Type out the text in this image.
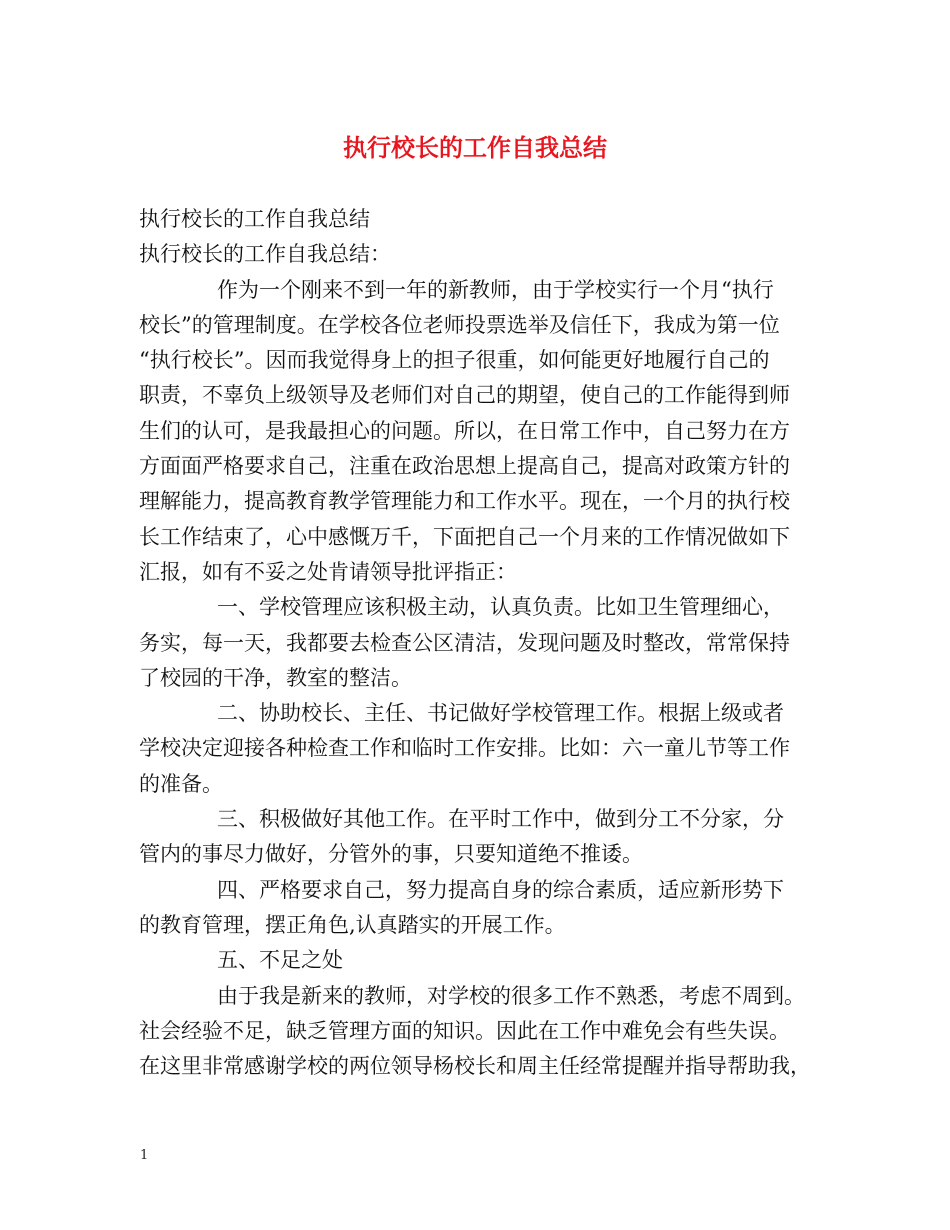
执行校长的工作自我总结
执行校长的工作自我总结
执行校长的工作自我总结：
作为一个刚来不到一年的新教师，由于学校实行一个月“执行
校长”的管理制度。在学校各位老师投票选举及信任下，我成为第一位
“执行校长”。因而我觉得身上的担子很重，如何能更好地履行自己的
职责，不辜负上级领导及老师们对自己的期望，使自己的工作能得到师
生们的认可，是我最担心的问题。所以，在日常工作中，自己努力在方
方面面严格要求自己，注重在政治思想上提高自己，提高对政策方针的
理解能力，提高教育教学管理能力和工作水平。现在，一个月的执行校
长工作结束了，心中感慨万千，下面把自己一个月来的工作情况做如下
汇报，如有不妥之处肯请领导批评指正：
一、学校管理应该积极主动，认真负责。比如卫生管理细心，
务实，每一天，我都要去检查公区清洁，发现问题及时整改，常常保持
了校园的干净，教室的整洁。
二、协助校长、主任、书记做好学校管理工作。根据上级或者
学校决定迎接各种检查工作和临时工作安排。比如：六一童儿节等工作
的准备。
三、积极做好其他工作。在平时工作中，做到分工不分家，分
管内的事尽力做好，分管外的事，只要知道绝不推诿。
四、严格要求自己，努力提高自身的综合素质，适应新形势下
的教育管理，摆正角色,认真踏实的开展工作。
五、不足之处
由于我是新来的教师，对学校的很多工作不熟悉，考虑不周到。
社会经验不足，缺乏管理方面的知识。因此在工作中难免会有些失误。
在这里非常感谢学校的两位领导杨校长和周主任经常提醒并指导帮助我，
1
